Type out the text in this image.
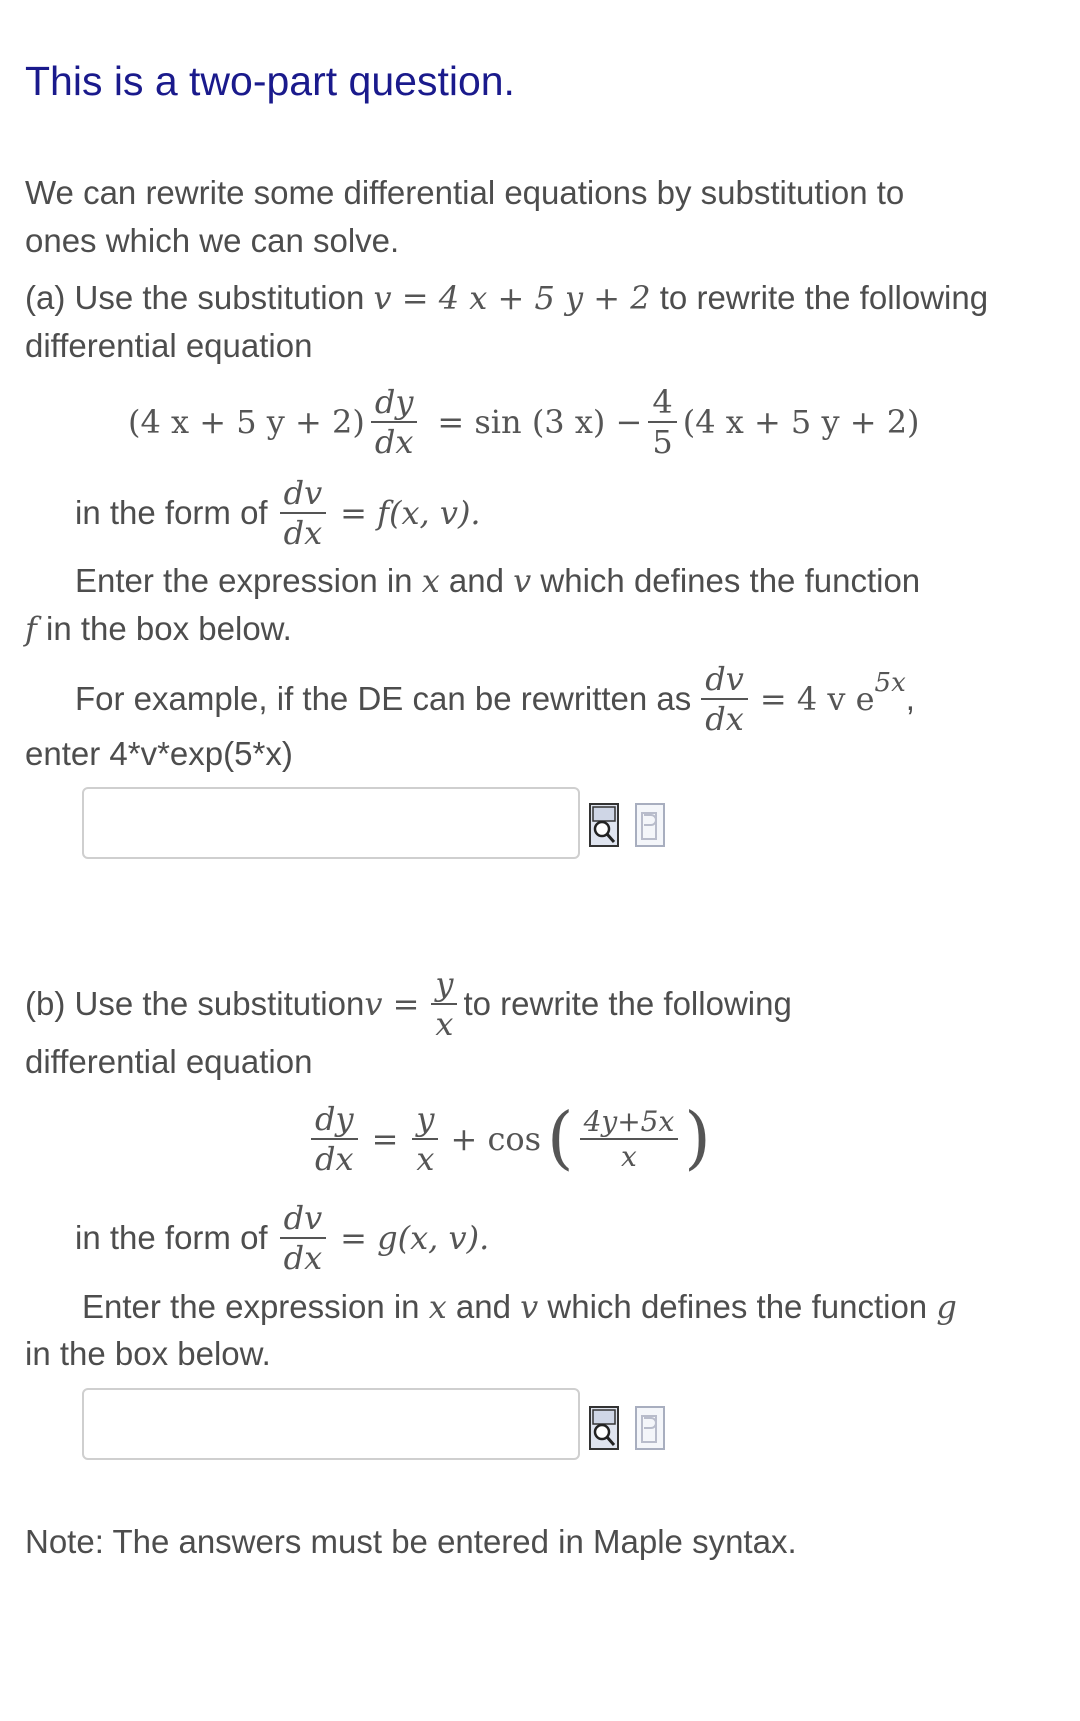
This is a two-part question.
We can rewrite some differential equations by substitution to
ones which we can solve.
(a) Use the substitution v = 4 x + 5 y + 2 to rewrite the following
differential equation
(4 x + 5 $y + 2) \frac{dy}{dx} = \sin (3$ $x) - \frac{4}{5} (4$ x + 5 y + 2)
in the form of $\frac{dv}{dx} = f(x$, v).
Enter the expression in x and v which defines the function
f in the box below.
For example, if the DE can be rewritten as $\frac{dv}{dx} = 4$ v e 5x ,
enter 4*v*exp(5*x)
(b) Use the substitution $v = \frac{y}{x}$ to rewrite the following
differential equation
$\frac{dy}{dx} = \frac{y}{x} + \cos$ ( $\frac{4y+5x}{x}$ )
in the form of $\frac{dv}{dx} = g(x$, v).
Enter the expression in x and v which defines the function g
in the box below.
Note: The answers must be entered in Maple syntax.
